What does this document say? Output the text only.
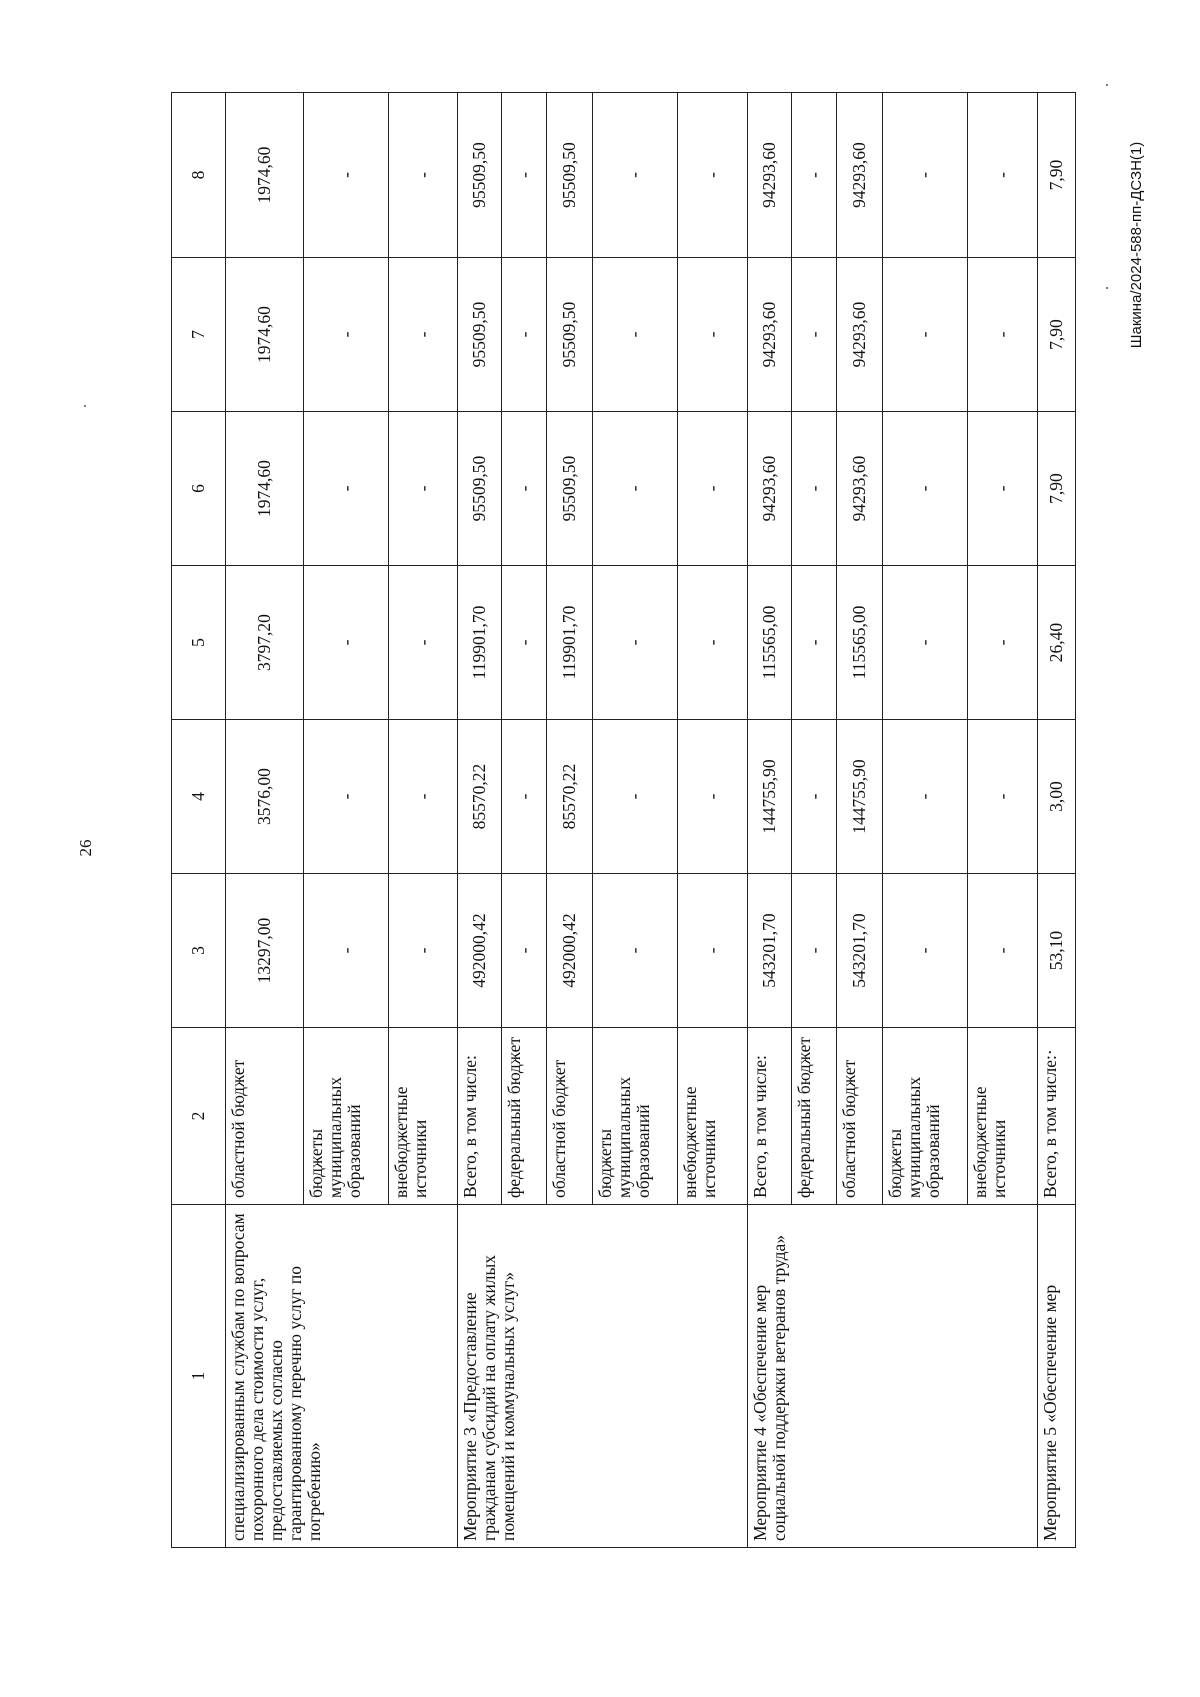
26
Шакина/2024-588-пп-ДСЗН(1)
1	2	3	4	5	6	7	8
специализированным службам по вопросам похоронного дела стоимости услуг, предоставляемых согласно гарантированному перечню услуг по погребению»	областной бюджет	13297,00	3576,00	3797,20	1974,60	1974,60	1974,60
	бюджеты муниципальных образований	-	-	-	-	-	-
	внебюджетные источники	-	-	-	-	-	-
Мероприятие 3 «Предоставление гражданам субсидий на оплату жилых помещений и коммунальных услуг»	Всего, в том числе:	492000,42	85570,22	119901,70	95509,50	95509,50	95509,50
	федеральный бюджет	-	-	-	-	-	-
	областной бюджет	492000,42	85570,22	119901,70	95509,50	95509,50	95509,50
	бюджеты муниципальных образований	-	-	-	-	-	-
	внебюджетные источники	-	-	-	-	-	-
Мероприятие 4 «Обеспечение мер социальной поддержки ветеранов труда»	Всего, в том числе:	543201,70	144755,90	115565,00	94293,60	94293,60	94293,60
	федеральный бюджет	-	-	-	-	-	-
	областной бюджет	543201,70	144755,90	115565,00	94293,60	94293,60	94293,60
	бюджеты муниципальных образований	-	-	-	-	-	-
	внебюджетные источники	-	-	-	-	-	-
Мероприятие 5 «Обеспечение мер	Всего, в том числе:·	53,10	3,00	26,40	7,90	7,90	7,90
